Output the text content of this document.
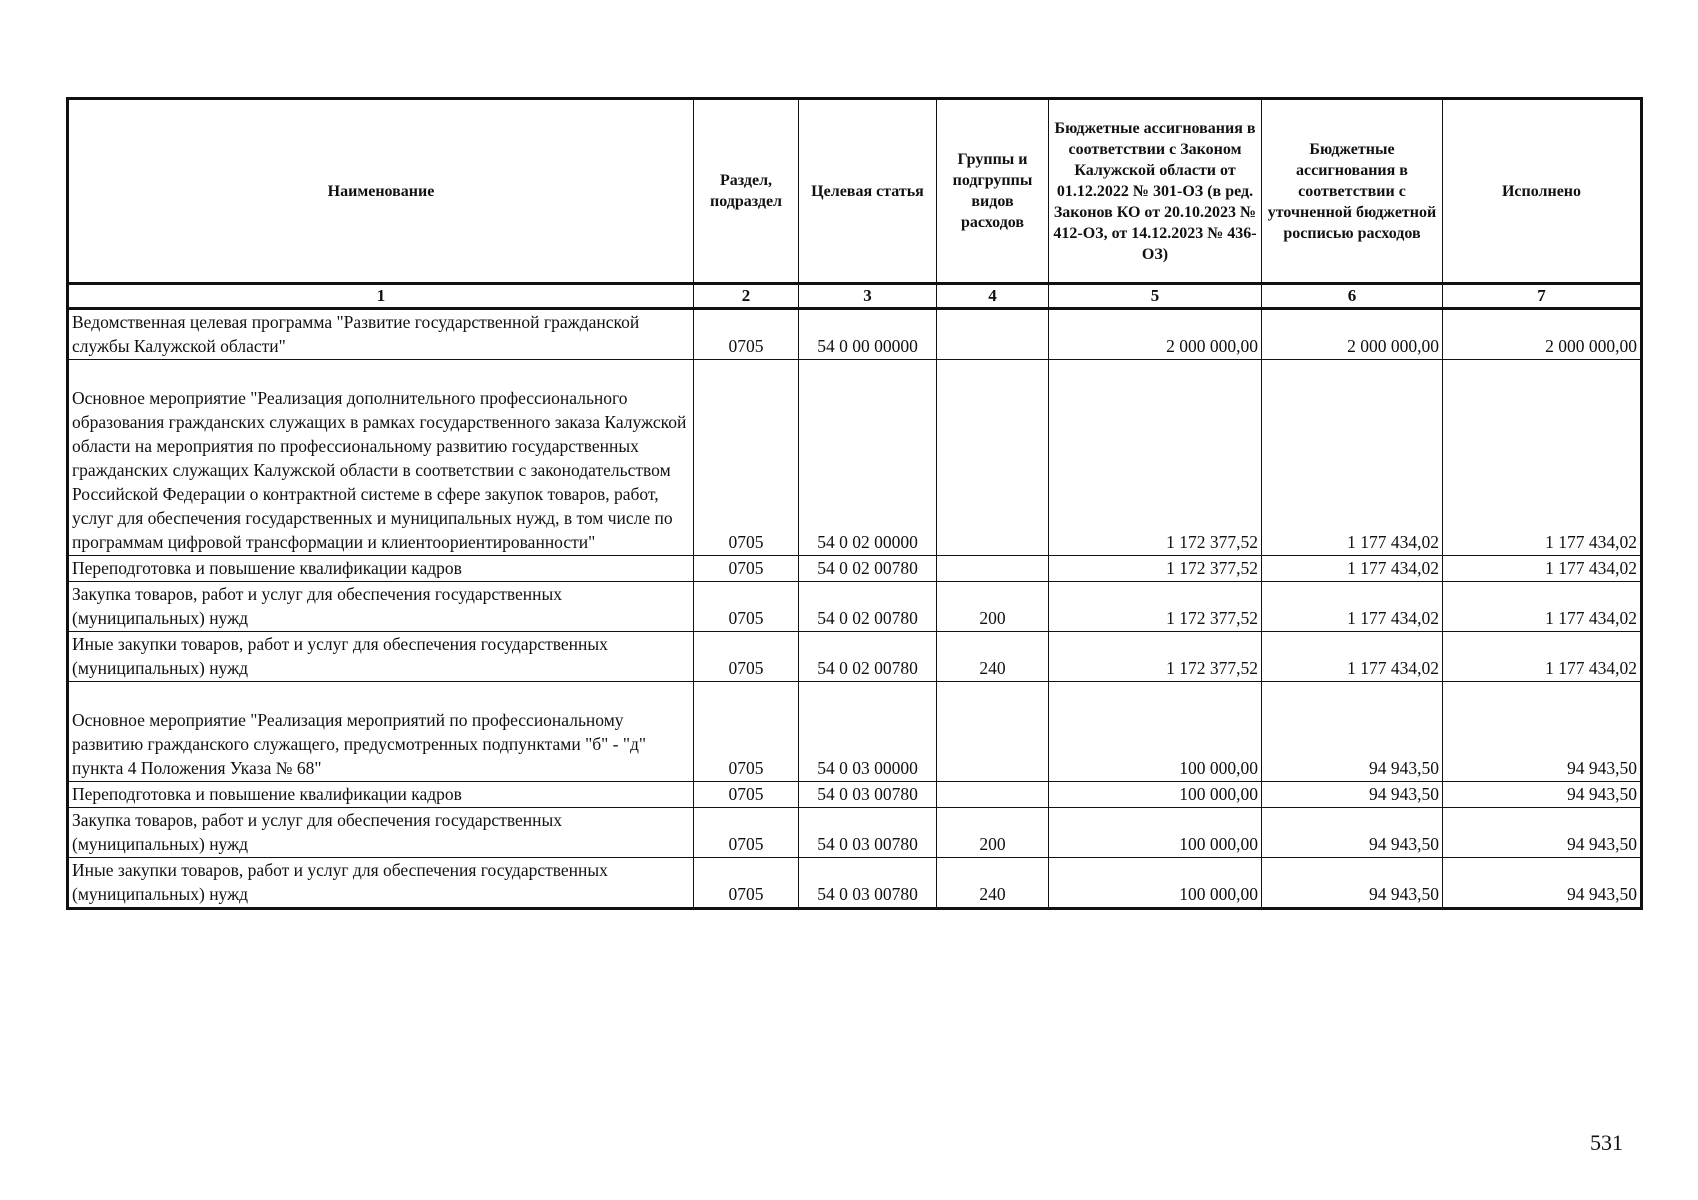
Наименование	Раздел, подраздел	Целевая статья	Группы и подгруппы видов расходов	Бюджетные ассигнования в соответствии с Законом Калужской области от 01.12.2022 № 301-ОЗ (в ред. Законов КО от 20.10.2023 № 412-ОЗ, от 14.12.2023 № 436-ОЗ)	Бюджетные ассигнования в соответствии с уточненной бюджетной росписью расходов	Исполнено
1	2	3	4	5	6	7
Ведомственная целевая программа "Развитие государственной гражданской службы Калужской области"	0705	54 0 00 00000		2 000 000,00	2 000 000,00	2 000 000,00
Основное мероприятие "Реализация дополнительного профессионального образования гражданских служащих в рамках государственного заказа Калужской области на мероприятия по профессиональному развитию государственных гражданских служащих Калужской области в соответствии с законодательством Российской Федерации о контрактной системе в сфере закупок товаров, работ, услуг для обеспечения государственных и муниципальных нужд, в том числе по программам цифровой трансформации и клиентоориентированности"	0705	54 0 02 00000		1 172 377,52	1 177 434,02	1 177 434,02
Переподготовка и повышение квалификации кадров	0705	54 0 02 00780		1 172 377,52	1 177 434,02	1 177 434,02
Закупка товаров, работ и услуг для обеспечения государственных (муниципальных) нужд	0705	54 0 02 00780	200	1 172 377,52	1 177 434,02	1 177 434,02
Иные закупки товаров, работ и услуг для обеспечения государственных (муниципальных) нужд	0705	54 0 02 00780	240	1 172 377,52	1 177 434,02	1 177 434,02
Основное мероприятие "Реализация мероприятий по профессиональному развитию гражданского служащего, предусмотренных подпунктами "б" - "д" пункта 4 Положения Указа № 68"	0705	54 0 03 00000		100 000,00	94 943,50	94 943,50
Переподготовка и повышение квалификации кадров	0705	54 0 03 00780		100 000,00	94 943,50	94 943,50
Закупка товаров, работ и услуг для обеспечения государственных (муниципальных) нужд	0705	54 0 03 00780	200	100 000,00	94 943,50	94 943,50
Иные закупки товаров, работ и услуг для обеспечения государственных (муниципальных) нужд	0705	54 0 03 00780	240	100 000,00	94 943,50	94 943,50
531
